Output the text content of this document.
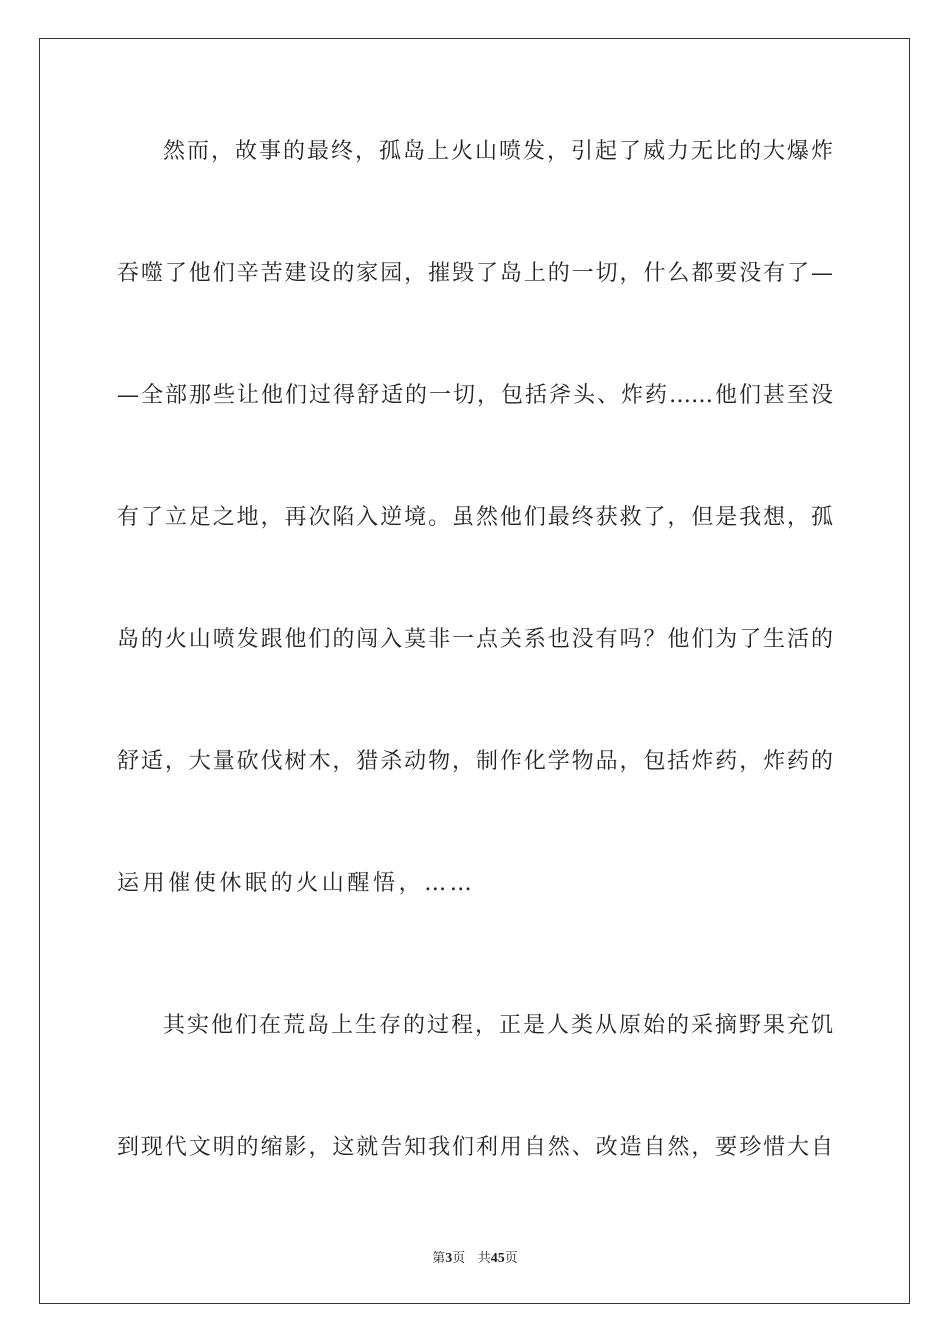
然而，故事的最终，孤岛上火山喷发，引起了威力无比的大爆炸
吞噬了他们辛苦建设的家园，摧毁了岛上的一切，什么都要没有了—
—全部那些让他们过得舒适的一切，包括斧头、炸药……他们甚至没
有了立足之地，再次陷入逆境。虽然他们最终获救了，但是我想，孤
岛的火山喷发跟他们的闯入莫非一点关系也没有吗？他们为了生活的
舒适，大量砍伐树木，猎杀动物，制作化学物品，包括炸药，炸药的
运用催使休眠的火山醒悟，……
其实他们在荒岛上生存的过程，正是人类从原始的采摘野果充饥
到现代文明的缩影，这就告知我们利用自然、改造自然，要珍惜大自
第3页 共45页
